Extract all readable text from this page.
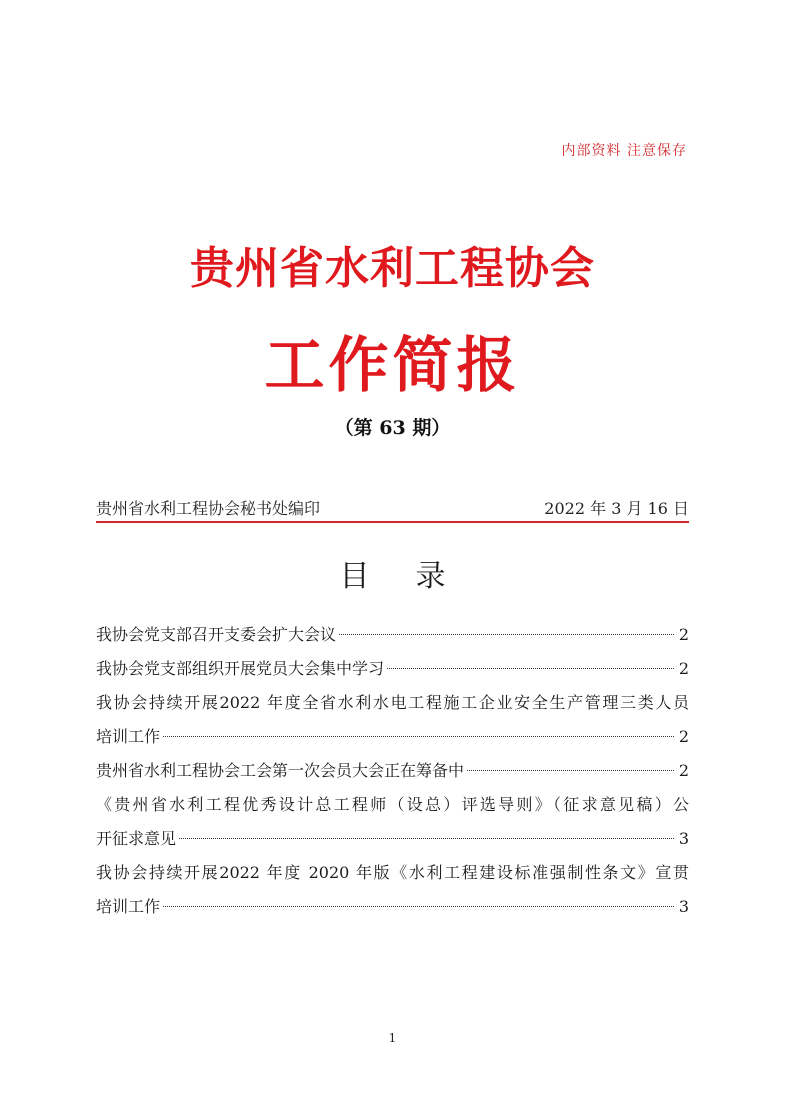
内部资料 注意保存
贵州省水利工程协会
工作简报
（第 63 期）
贵州省水利工程协会秘书处编印	2022 年 3 月 16 日
目 录
我协会党支部召开支委会扩大会议	2
我协会党支部组织开展党员大会集中学习	2
我协会持续开展2022 年度全省水利水电工程施工企业安全生产管理三类人员
培训工作	2
贵州省水利工程协会工会第一次会员大会正在筹备中	2
《贵州省水利工程优秀设计总工程师（设总）评选导则》（征求意见稿）公
开征求意见	3
我协会持续开展2022 年度 2020 年版《水利工程建设标准强制性条文》宣贯
培训工作	3
1
